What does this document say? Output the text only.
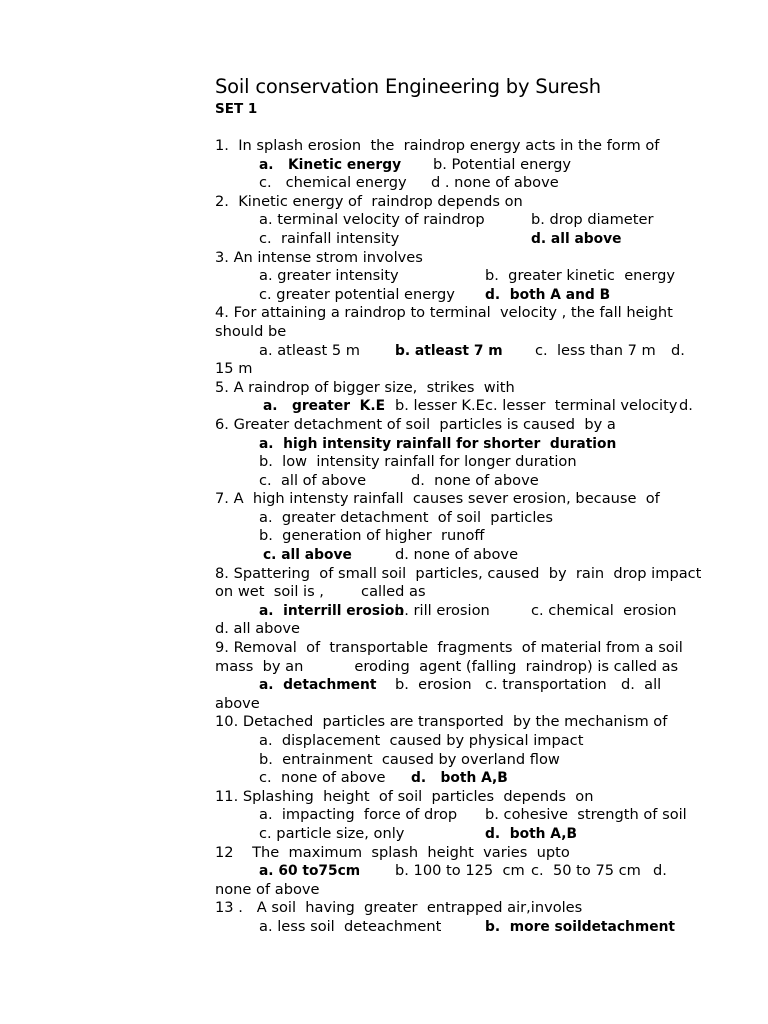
Soil conservation Engineering by Suresh
SET 1
1.  In splash erosion  the  raindrop energy acts in the form of
a.   Kinetic energy b. Potential energy
c.   chemical energy d . none of above
2.  Kinetic energy of  raindrop depends on
a. terminal velocity of raindrop	b. drop diameter
c.  rainfall intensity	d. all above
3. An intense strom involves
a. greater intensity	b.  greater kinetic  energy
c. greater potential energy d.  both A and B
4. For attaining a raindrop to terminal  velocity , the fall height should be
a. atleast 5 m	b. atleast 7 m c.  less than 7 m d.
15 m
5. A raindrop of bigger size,  strikes  with
a.   greater  K.E b. lesser K.Ec. lesser  terminal velocity d.
6. Greater detachment of soil  particles is caused  by a
a.  high intensity rainfall for shorter  duration
b.  low  intensity rainfall for longer duration
c.  all of above	d.  none of above
7. A  high intensty rainfall  causes sever erosion, because  of
a.  greater detachment  of soil  particles
b.  generation of higher  runoff
c. all above	d. none of above
8. Spattering  of small soil  particles, caused  by  rain  drop impact
on wet  soil is ,        called as
a.  interrill erosionb. rill erosion	c. chemical  erosion
d. all above
9. Removal  of  transportable  fragments  of material from a soil
mass  by an           eroding  agent (falling  raindrop) is called as
a.  detachment b.  erosion c. transportation d.  all
above
10. Detached  particles are transported  by the mechanism of
a.  displacement  caused by physical impact
b.  entrainment  caused by overland flow
c.  none of above d.   both A,B
11. Splashing  height  of soil  particles  depends  on
a.  impacting  force of drop b. cohesive  strength of soil
c. particle size, only	d.  both A,B
12    The  maximum  splash  height  varies  upto
a. 60 to75cm b. 100 to 125  cm c.  50 to 75 cm d.
none of above
13 .   A soil  having  greater  entrapped air,involes
a. less soil  deteachment	b.  more soildetachment
